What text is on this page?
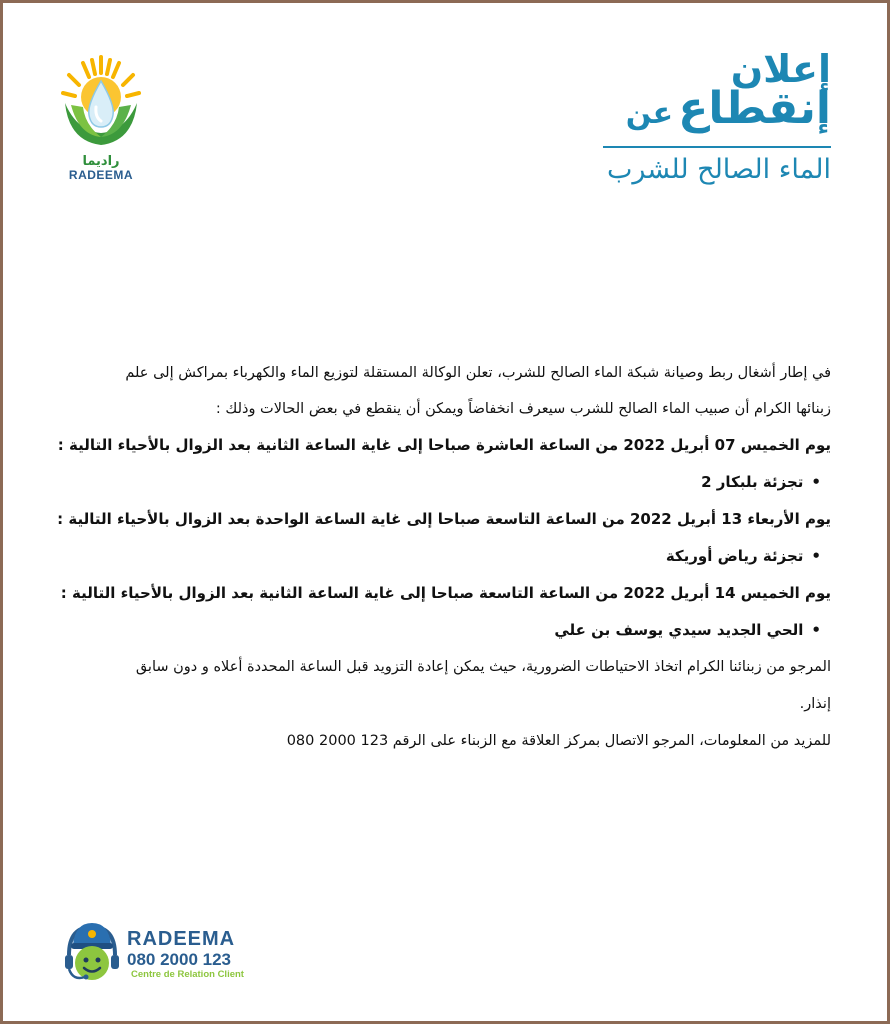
راديما
RADEEMA
إعلان
إنقطاع عن
الماء الصالح للشرب

في إطار أشغال ربط وصيانة شبكة الماء الصالح للشرب، تعلن الوكالة المستقلة لتوزيع الماء والكهرباء بمراكش إلى علم

زبنائها الكرام أن صبيب الماء الصالح للشرب سيعرف انخفاضاً ويمكن أن ينقطع في بعض الحالات وذلك :

يوم الخميس 07 أبريل 2022 من الساعة العاشرة صباحا إلى غاية الساعة الثانية بعد الزوال بالأحياء التالية :

•تجزئة بلبكار 2

يوم الأربعاء 13 أبريل 2022 من الساعة التاسعة صباحا إلى غاية الساعة الواحدة بعد الزوال بالأحياء التالية :

•تجزئة رياض أوريكة

يوم الخميس 14 أبريل 2022 من الساعة التاسعة صباحا إلى غاية الساعة الثانية بعد الزوال بالأحياء التالية :

•الحي الجديد سيدي يوسف بن علي

المرجو من زبنائنا الكرام اتخاذ الاحتياطات الضرورية، حيث يمكن إعادة التزويد قبل الساعة المحددة أعلاه و دون سابق

إنذار.

للمزيد من المعلومات، المرجو الاتصال بمركز العلاقة مع الزبناء على الرقم 123 2000 080

RADEEMA
080 2000 123
Centre de Relation Client
